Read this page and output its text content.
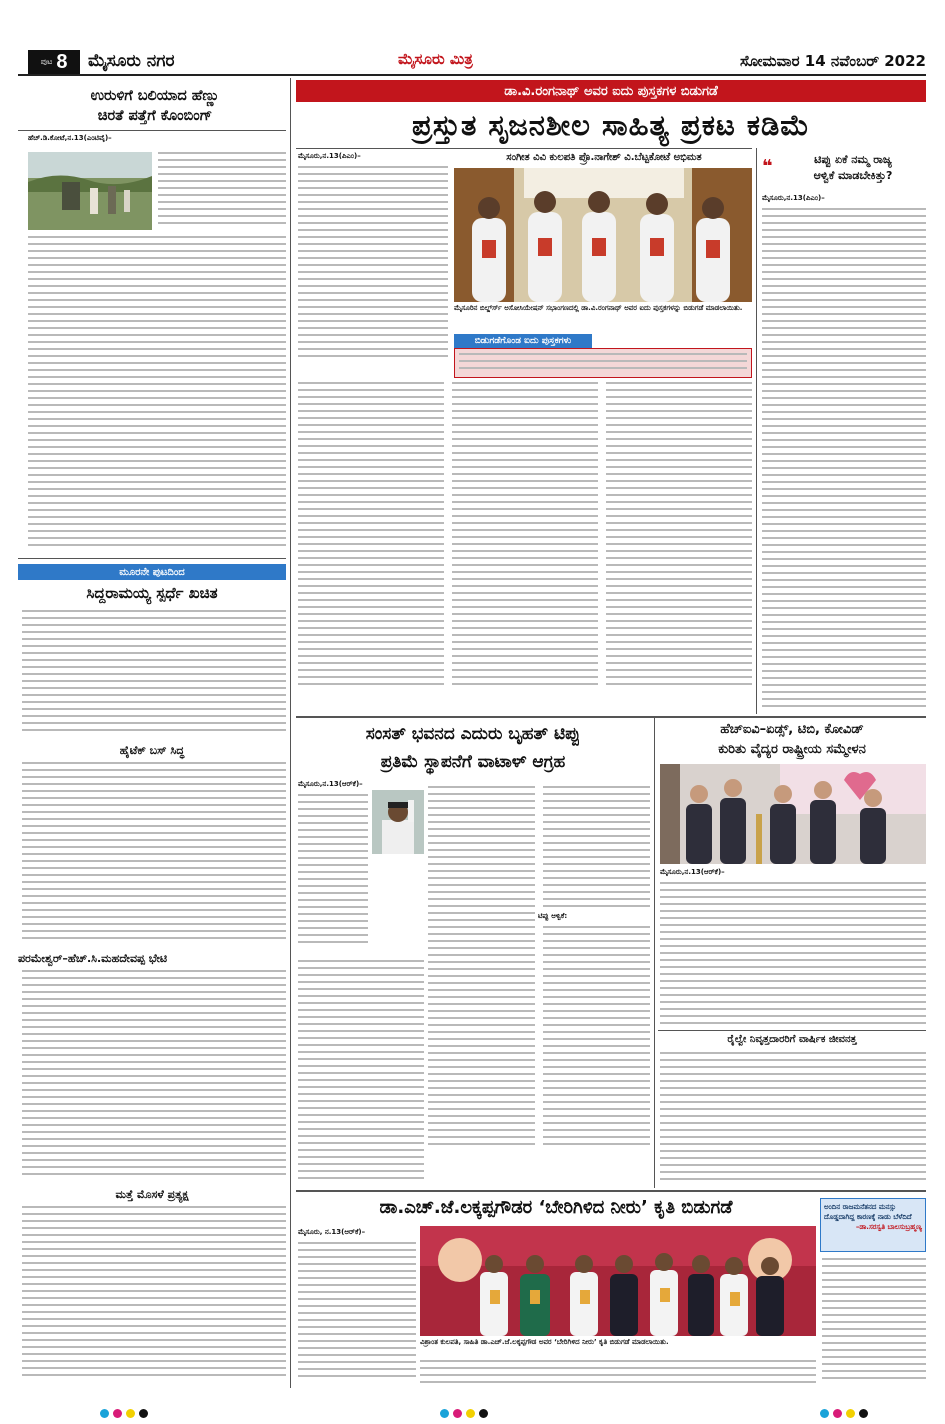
ಪುಟ 8 ಮೈಸೂರು ನಗರ	ಮೈಸೂರು ಮಿತ್ರ	ಸೋಮವಾರ 14 ನವೆಂಬರ್ 2022
ಉರುಳಿಗೆ ಬಲಿಯಾದ ಹೆಣ್ಣು
ಚಿರತೆ ಪತ್ತೆಗೆ ಕೊಂಬಿಂಗ್
ಹೆಚ್.ಡಿ.ಕೋಟೆ,ನ.13(ಎಂಟಿವೈ)–
ಮೂರನೇ ಪುಟದಿಂದ
ಸಿದ್ದರಾಮಯ್ಯ ಸ್ಪರ್ಧೆ ಖಚಿತ
ಹೈಟೆಕ್ ಬಸ್ ಸಿದ್ಧ
ಪರಮೇಶ್ವರ್–ಹೆಚ್.ಸಿ.ಮಹದೇವಪ್ಪ ಭೇಟಿ
ಮತ್ತೆ ಮೊಸಳೆ ಪ್ರತ್ಯಕ್ಷ
ಡಾ.ವಿ.ರಂಗನಾಥ್ ಅವರ ಐದು ಪುಸ್ತಕಗಳ ಬಿಡುಗಡೆ
ಪ್ರಸ್ತುತ ಸೃಜನಶೀಲ ಸಾಹಿತ್ಯ ಪ್ರಕಟ ಕಡಿಮೆ
ಸಂಗೀತ ವಿವಿ ಕುಲಪತಿ ಪ್ರೊ.ನಾಗೇಶ್ ವಿ.ಬೆಟ್ಟಕೋಟೆ ಅಭಿಮತ
ಮೈಸೂರು,ನ.13(ಪಿಎಂ)–
ಮೈಸೂರಿನ ಬಿಲ್ಡ್‌ರ್ಸ್ ಅಸೋಸಿಯೇಷನ್ ಸಭಾಂಗಣದಲ್ಲಿ ಡಾ.ವಿ.ರಂಗನಾಥ್ ಅವರ ಐದು ಪುಸ್ತಕಗಳನ್ನು ಬಿಡುಗಡೆ ಮಾಡಲಾಯಿತು.
ಬಿಡುಗಡೆಗೊಂಡ ಐದು ಪುಸ್ತಕಗಳು
❝	ಟಿಪ್ಪು ಏಕೆ ನಮ್ಮ ರಾಜ್ಯ
ಆಳ್ವಿಕೆ ಮಾಡಬೇಕಿತ್ತು?
ಮೈಸೂರು,ನ.13(ಪಿಎಂ)–
ಸಂಸತ್ ಭವನದ ಎದುರು ಬೃಹತ್ ಟಿಪ್ಪು
ಪ್ರತಿಮೆ ಸ್ಥಾಪನೆಗೆ ವಾಟಾಳ್ ಆಗ್ರಹ
ಮೈಸೂರು,ನ.13(ಆರ್‌ಕೆ)–
ಟಿಪ್ಪು ಆಳ್ವಿಕೆ:
ಹೆಚ್‌ಐವಿ–ಏಡ್ಸ್, ಟಿಬಿ, ಕೋವಿಡ್
ಕುರಿತು ವೈದ್ಯರ ರಾಷ್ಟ್ರೀಯ ಸಮ್ಮೇಳನ
ಮೈಸೂರು,ನ.13(ಆರ್‌ಕೆ)–
ರೈಲ್ವೇ ನಿವೃತ್ತದಾರರಿಗೆ ವಾರ್ಷಿಕ ಜೀವನತ್ತ
ಡಾ.ಎಚ್.ಜೆ.ಲಕ್ಕಪ್ಪಗೌಡರ ‘ಬೇರಿಗಿಳಿದ ನೀರು’ ಕೃತಿ ಬಿಡುಗಡೆ
ಮೈಸೂರು, ನ.13(ಆರ್‌ಕೆ)–
ವಿಶ್ರಾಂತ ಕುಲಪತಿ, ಸಾಹಿತಿ ಡಾ.ಎಚ್.ಜೆ.ಲಕ್ಕಪ್ಪಗೌಡ ಅವರ ‘ಬೇರಿಗಿಳಿದ ನೀರು’ ಕೃತಿ ಬಿಡುಗಡೆ ಮಾಡಲಾಯಿತು.
ಅಂದಿನ ರಾಜಮನೆತನದ ಮನಸ್ಸು ದೊಡ್ಡದಾಗಿದ್ದ ಕಾರಣಕ್ಕೆ ನಾಡು ಬೆಳೆದಿದೆ
–ಡಾ.ಸರಸ್ವತಿ ಬಾಲಸುಬ್ರಹ್ಮಣ್ಯ
